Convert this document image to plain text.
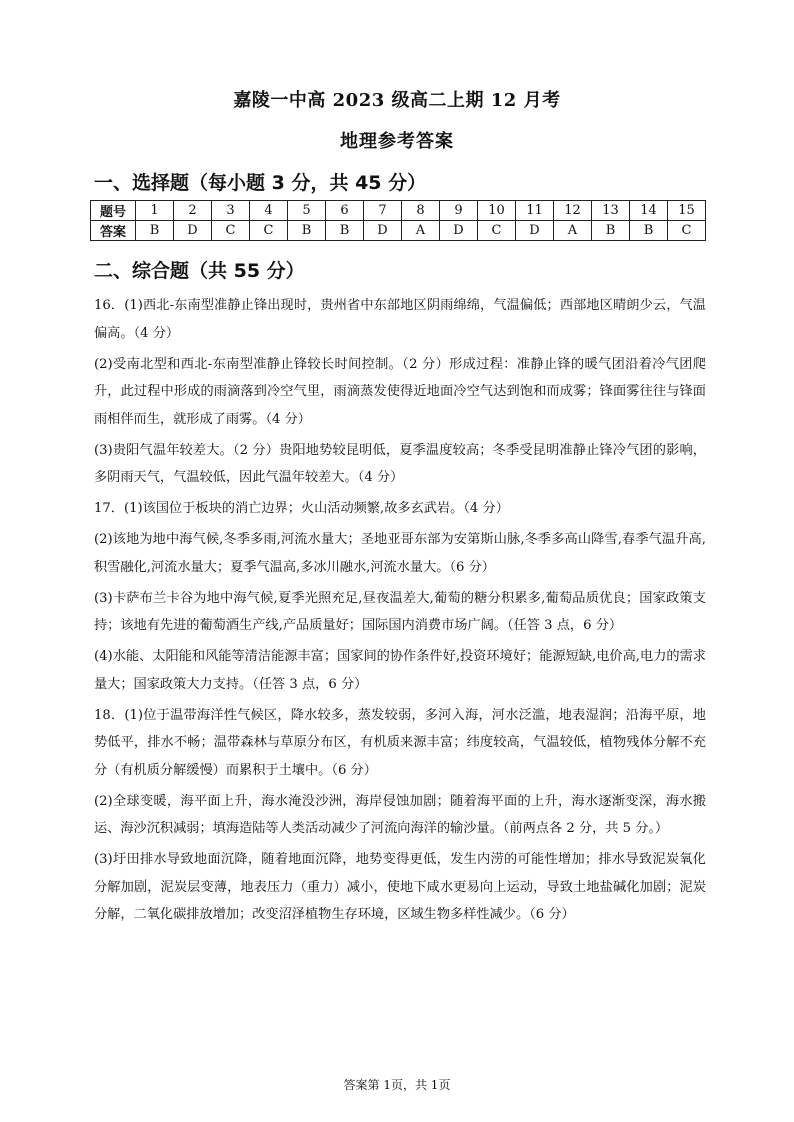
嘉陵一中高 2023 级高二上期 12 月考
地理参考答案
一、选择题（每小题 3 分，共 45 分）
题号	1	2	3	4	5	6	7	8	9	10	11	12	13	14	15
答案	B	D	C	C	B	B	D	A	D	C	D	A	B	B	C
二、综合题（共 55 分）

16．(1)西北-东南型准静止锋出现时，贵州省中东部地区阴雨绵绵，气温偏低；西部地区晴朗少云，气温偏高。（4 分）

(2)受南北型和西北-东南型准静止锋较长时间控制。（2 分）形成过程：准静止锋的暖气团沿着冷气团爬升，此过程中形成的雨滴落到冷空气里，雨滴蒸发使得近地面冷空气达到饱和而成雾；锋面雾往往与锋面雨相伴而生，就形成了雨雾。（4 分）

(3)贵阳气温年较差大。（2 分）贵阳地势较昆明低，夏季温度较高；冬季受昆明准静止锋冷气团的影响，多阴雨天气，气温较低，因此气温年较差大。（4 分）

17．(1)该国位于板块的消亡边界；火山活动频繁,故多玄武岩。（4 分）

(2)该地为地中海气候,冬季多雨,河流水量大；圣地亚哥东部为安第斯山脉,冬季多高山降雪,春季气温升高,积雪融化,河流水量大；夏季气温高,多冰川融水,河流水量大。（6 分）

(3)卡萨布兰卡谷为地中海气候,夏季光照充足,昼夜温差大,葡萄的糖分积累多,葡萄品质优良；国家政策支持；该地有先进的葡萄酒生产线,产品质量好；国际国内消费市场广阔。（任答 3 点，6 分）

(4)水能、太阳能和风能等清洁能源丰富；国家间的协作条件好,投资环境好；能源短缺,电价高,电力的需求量大；国家政策大力支持。（任答 3 点，6 分）

18．(1)位于温带海洋性气候区，降水较多，蒸发较弱，多河入海，河水泛滥，地表湿润；沿海平原，地势低平，排水不畅；温带森林与草原分布区，有机质来源丰富；纬度较高，气温较低，植物残体分解不充分（有机质分解缓慢）而累积于土壤中。（6 分）

(2)全球变暖，海平面上升，海水淹没沙洲，海岸侵蚀加剧；随着海平面的上升，海水逐渐变深，海水搬运、海沙沉积减弱；填海造陆等人类活动减少了河流向海洋的输沙量。（前两点各 2 分，共 5 分。）

(3)圩田排水导致地面沉降，随着地面沉降，地势变得更低，发生内涝的可能性增加；排水导致泥炭氧化分解加剧，泥炭层变薄，地表压力（重力）减小，使地下咸水更易向上运动，导致土地盐碱化加剧；泥炭分解，二氧化碳排放增加；改变沼泽植物生存环境，区域生物多样性减少。（6 分）

答案第 1页，共 1页
